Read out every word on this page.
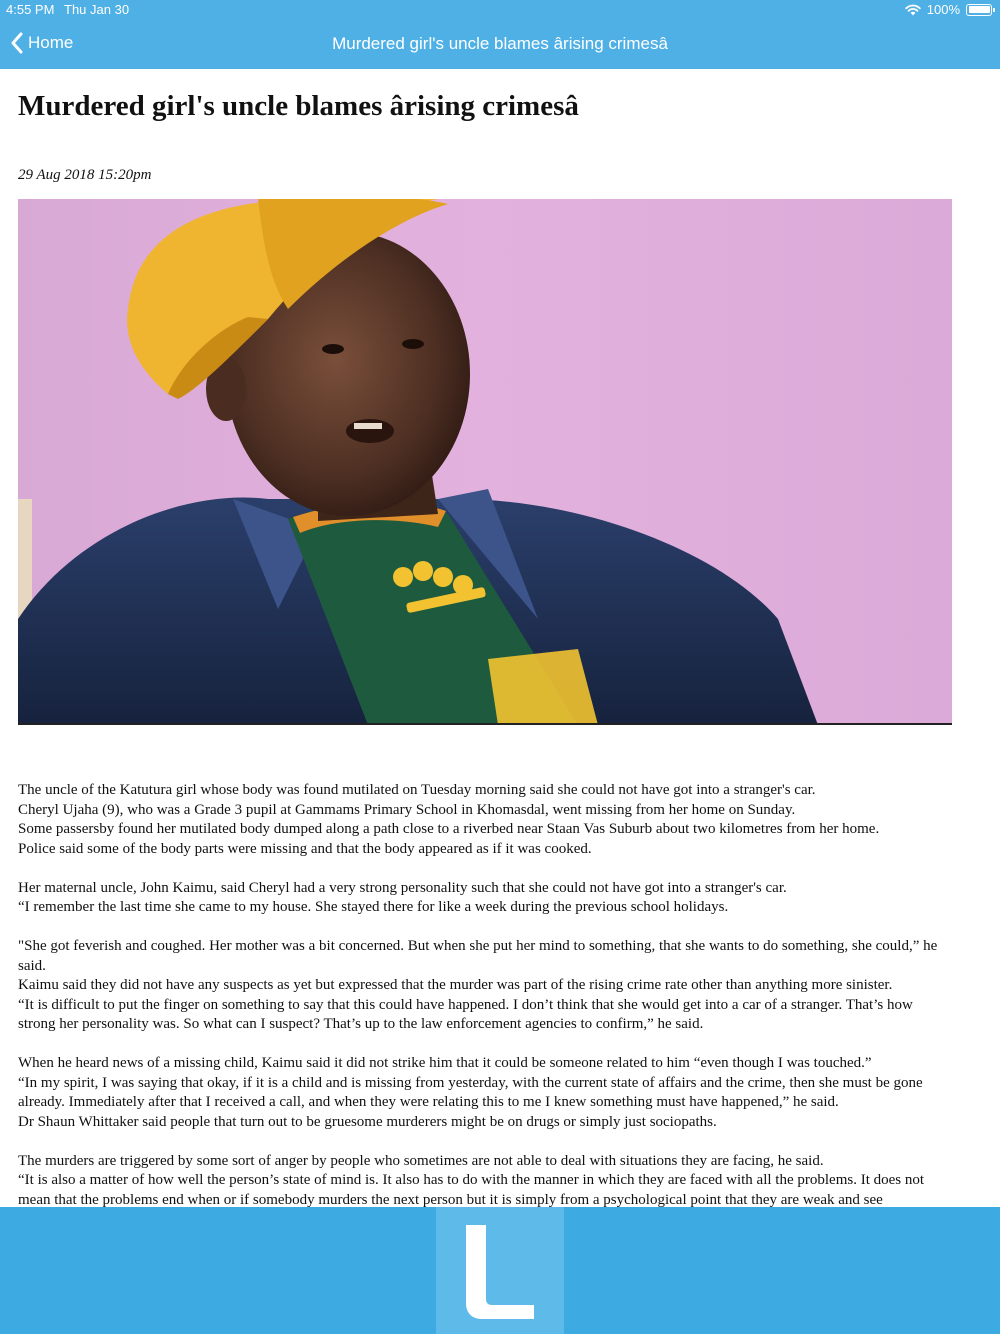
4:55 PM Thu Jan 30	100%
Murdered girl's uncle blames ârising crimesâ
Home
Murdered girl's uncle blames ârising crimesâ
29 Aug 2018 15:20pm

The uncle of the Katutura girl whose body was found mutilated on Tuesday morning said she could not have got into a stranger's car.
Cheryl Ujaha (9), who was a Grade 3 pupil at Gammams Primary School in Khomasdal, went missing from her home on Sunday.
Some passersby found her mutilated body dumped along a path close to a riverbed near Staan Vas Suburb about two kilometres from her home.
Police said some of the body parts were missing and that the body appeared as if it was cooked.

Her maternal uncle, John Kaimu, said Cheryl had a very strong personality such that she could not have got into a stranger's car.
“I remember the last time she came to my house. She stayed there for like a week during the previous school holidays.

"She got feverish and coughed. Her mother was a bit concerned. But when she put her mind to something, that she wants to do something, she could,” he said.
Kaimu said they did not have any suspects as yet but expressed that the murder was part of the rising crime rate other than anything more sinister.
“It is difficult to put the finger on something to say that this could have happened. I don’t think that she would get into a car of a stranger. That’s how strong her personality was. So what can I suspect? That’s up to the law enforcement agencies to confirm,” he said.

When he heard news of a missing child, Kaimu said it did not strike him that it could be someone related to him “even though I was touched.”
“In my spirit, I was saying that okay, if it is a child and is missing from yesterday, with the current state of affairs and the crime, then she must be gone already. Immediately after that I received a call, and when they were relating this to me I knew something must have happened,” he said.
Dr Shaun Whittaker said people that turn out to be gruesome murderers might be on drugs or simply just sociopaths.

The murders are triggered by some sort of anger by people who sometimes are not able to deal with situations they are facing, he said.
“It is also a matter of how well the person’s state of mind is. It also has to do with the manner in which they are faced with all the problems. It does not mean that the problems end when or if somebody murders the next person but it is simply from a psychological point that they are weak and see
